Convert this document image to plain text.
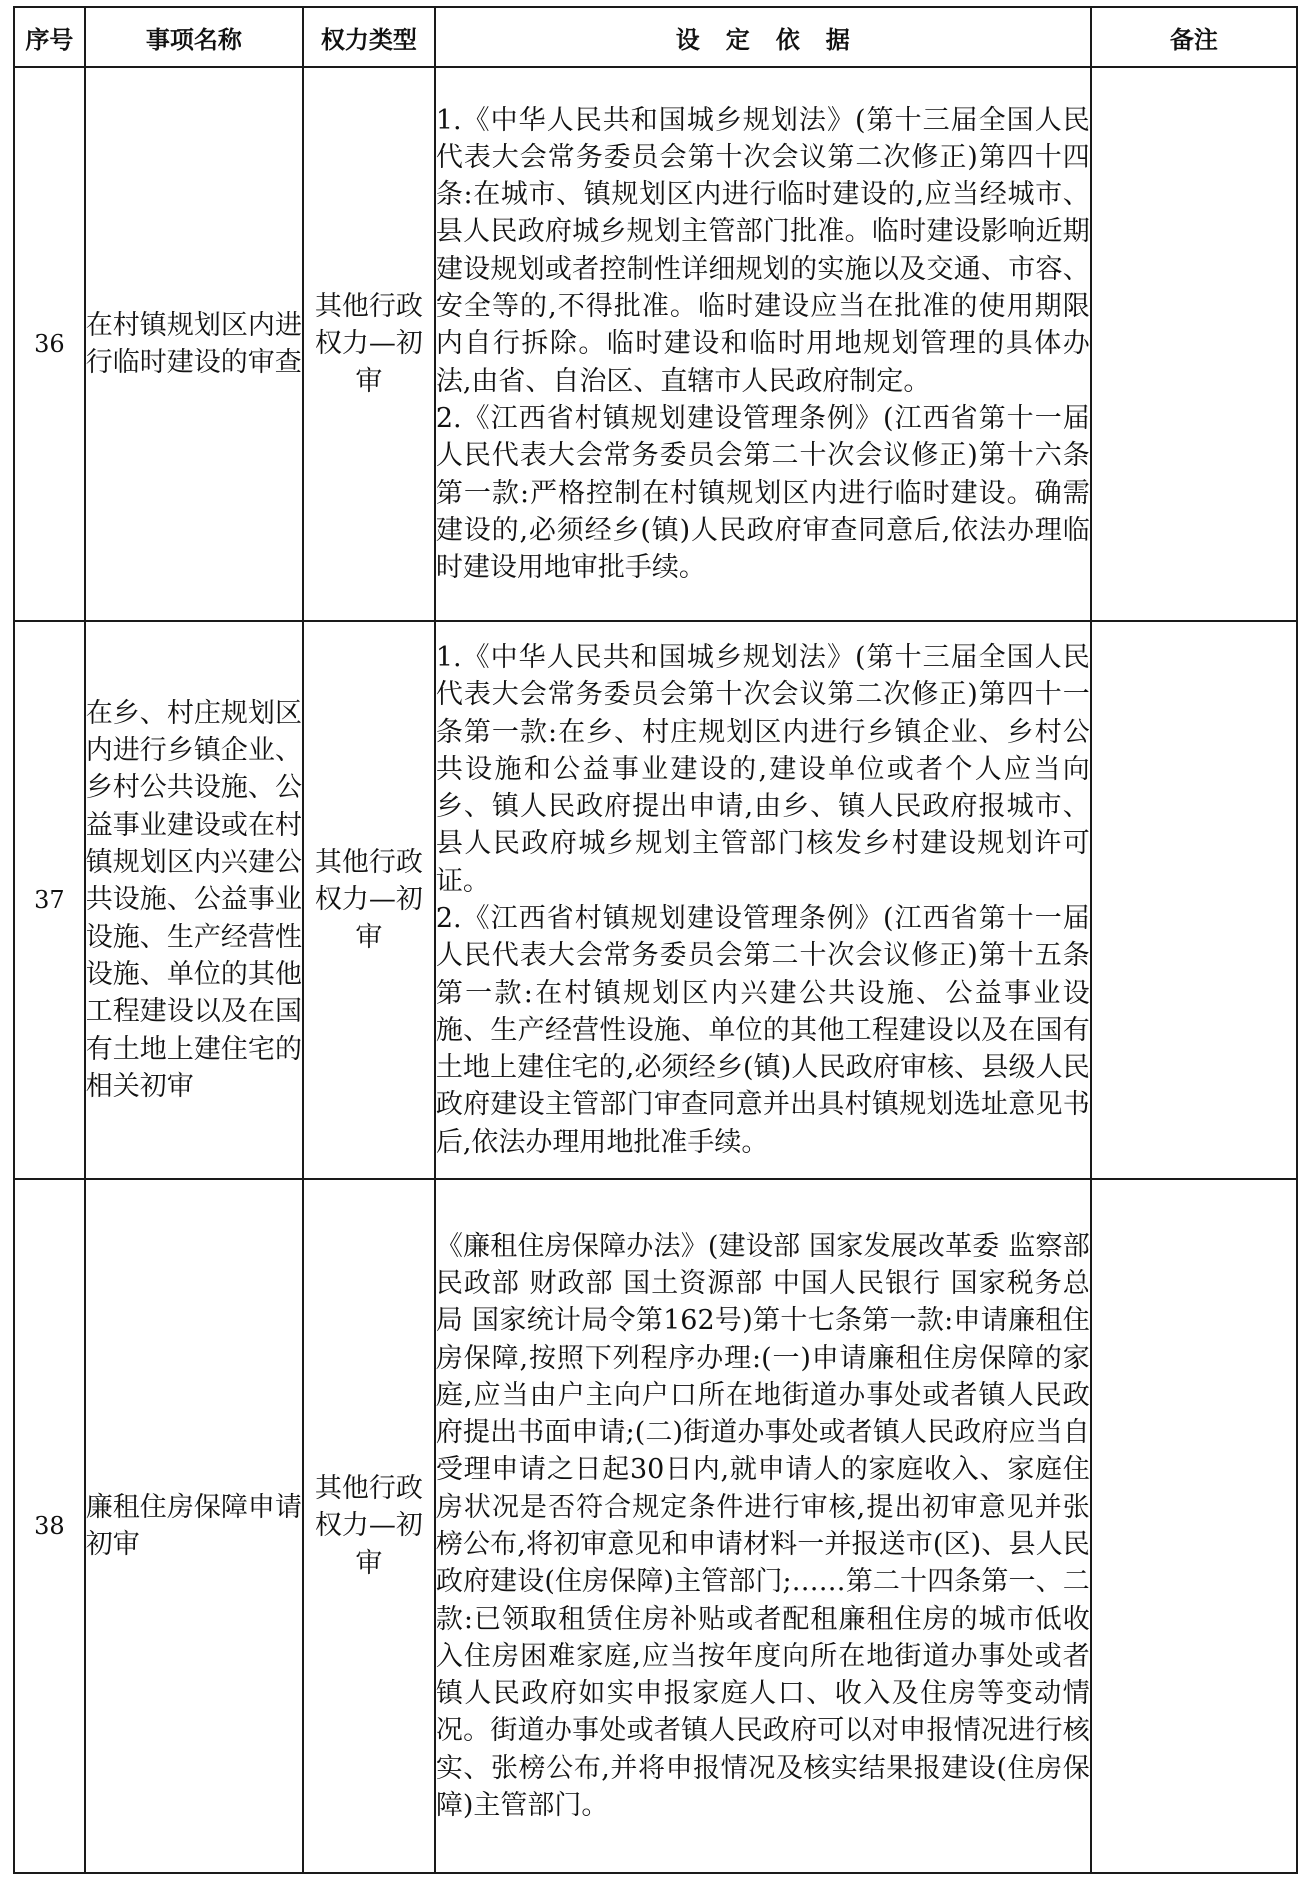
序号	事项名称	权力类型	设定依据	备注
36	在村镇规划区内进行临时建设的审查	其他行政权力—初审	1.《中华人民共和国城乡规划法》(第十三届全国人民代表大会常务委员会第十次会议第二次修正)第四十四条:在城市、镇规划区内进行临时建设的,应当经城市、县人民政府城乡规划主管部门批准。临时建设影响近期建设规划或者控制性详细规划的实施以及交通、市容、安全等的,不得批准。临时建设应当在批准的使用期限内自行拆除。临时建设和临时用地规划管理的具体办法,由省、自治区、直辖市人民政府制定。

2.《江西省村镇规划建设管理条例》(江西省第十一届人民代表大会常务委员会第二十次会议修正)第十六条第一款:严格控制在村镇规划区内进行临时建设。确需建设的,必须经乡(镇)人民政府审查同意后,依法办理临时建设用地审批手续。	

37	在乡、村庄规划区内进行乡镇企业、乡村公共设施、公益事业建设或在村镇规划区内兴建公共设施、公益事业设施、生产经营性设施、单位的其他工程建设以及在国有土地上建住宅的相关初审	其他行政权力—初审	1.《中华人民共和国城乡规划法》(第十三届全国人民代表大会常务委员会第十次会议第二次修正)第四十一条第一款:在乡、村庄规划区内进行乡镇企业、乡村公共设施和公益事业建设的,建设单位或者个人应当向乡、镇人民政府提出申请,由乡、镇人民政府报城市、县人民政府城乡规划主管部门核发乡村建设规划许可证。

2.《江西省村镇规划建设管理条例》(江西省第十一届人民代表大会常务委员会第二十次会议修正)第十五条第一款:在村镇规划区内兴建公共设施、公益事业设施、生产经营性设施、单位的其他工程建设以及在国有土地上建住宅的,必须经乡(镇)人民政府审核、县级人民政府建设主管部门审查同意并出具村镇规划选址意见书后,依法办理用地批准手续。	

38	廉租住房保障申请初审	其他行政权力—初审	《廉租住房保障办法》(建设部 国家发展改革委 监察部 民政部 财政部 国土资源部 中国人民银行 国家税务总局 国家统计局令第162号)第十七条第一款:申请廉租住房保障,按照下列程序办理:(一)申请廉租住房保障的家庭,应当由户主向户口所在地街道办事处或者镇人民政府提出书面申请;(二)街道办事处或者镇人民政府应当自受理申请之日起30日内,就申请人的家庭收入、家庭住房状况是否符合规定条件进行审核,提出初审意见并张榜公布,将初审意见和申请材料一并报送市(区)、县人民政府建设(住房保障)主管部门;……第二十四条第一、二款:已领取租赁住房补贴或者配租廉租住房的城市低收入住房困难家庭,应当按年度向所在地街道办事处或者镇人民政府如实申报家庭人口、收入及住房等变动情况。街道办事处或者镇人民政府可以对申报情况进行核实、张榜公布,并将申报情况及核实结果报建设(住房保障)主管部门。	
